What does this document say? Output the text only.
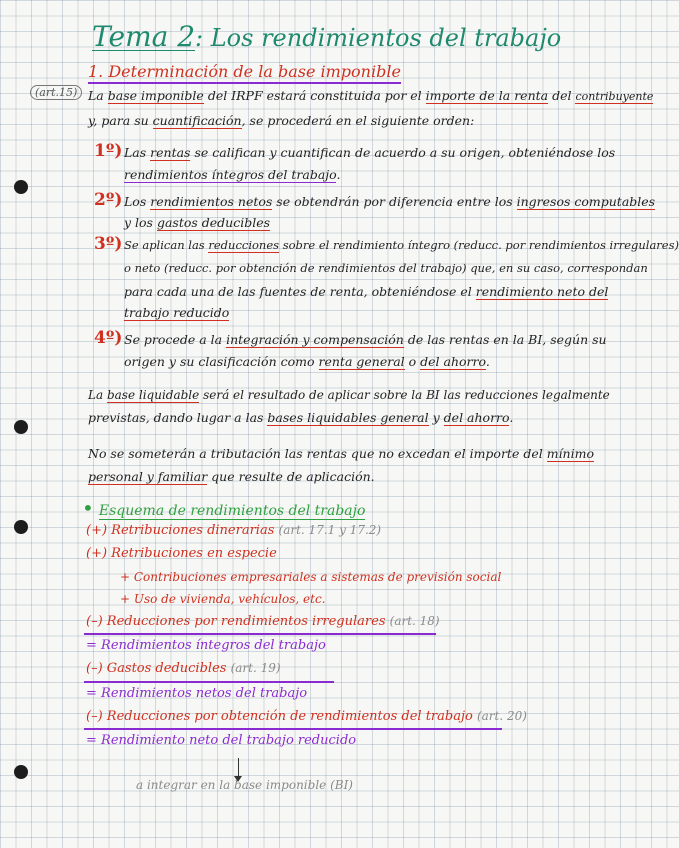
Tema 2: Los rendimientos del trabajo
1. Determinación de la base imponible
(art.15) La base imponible del IRPF estará constituida por el importe de la renta del contribuyente
y, para su cuantificación, se procederá en el siguiente orden:
1º) Las rentas se califican y cuantifican de acuerdo a su origen, obteniéndose los
rendimientos íntegros del trabajo.
2º) Los rendimientos netos se obtendrán por diferencia entre los ingresos computables
y los gastos deducibles
3º) Se aplican las reducciones sobre el rendimiento íntegro (reducc. por rendimientos irregulares)
o neto (reducc. por obtención de rendimientos del trabajo) que, en su caso, correspondan
para cada una de las fuentes de renta, obteniéndose el rendimiento neto del
trabajo reducido
4º) Se procede a la integración y compensación de las rentas en la BI, según su
origen y su clasificación como renta general o del ahorro.
La base liquidable será el resultado de aplicar sobre la BI las reducciones legalmente
previstas, dando lugar a las bases liquidables general y del ahorro.
No se someterán a tributación las rentas que no excedan el importe del mínimo
personal y familiar que resulte de aplicación.
• Esquema de rendimientos del trabajo
(+) Retribuciones dinerarias (art. 17.1 y 17.2)
(+) Retribuciones en especie
+ Contribuciones empresariales a sistemas de previsión social
+ Uso de vivienda, vehículos, etc.
(–) Reducciones por rendimientos irregulares (art. 18)
= Rendimientos íntegros del trabajo
(–) Gastos deducibles (art. 19)
= Rendimientos netos del trabajo
(–) Reducciones por obtención de rendimientos del trabajo (art. 20)
= Rendimiento neto del trabajo reducido
a integrar en la base imponible (BI)
